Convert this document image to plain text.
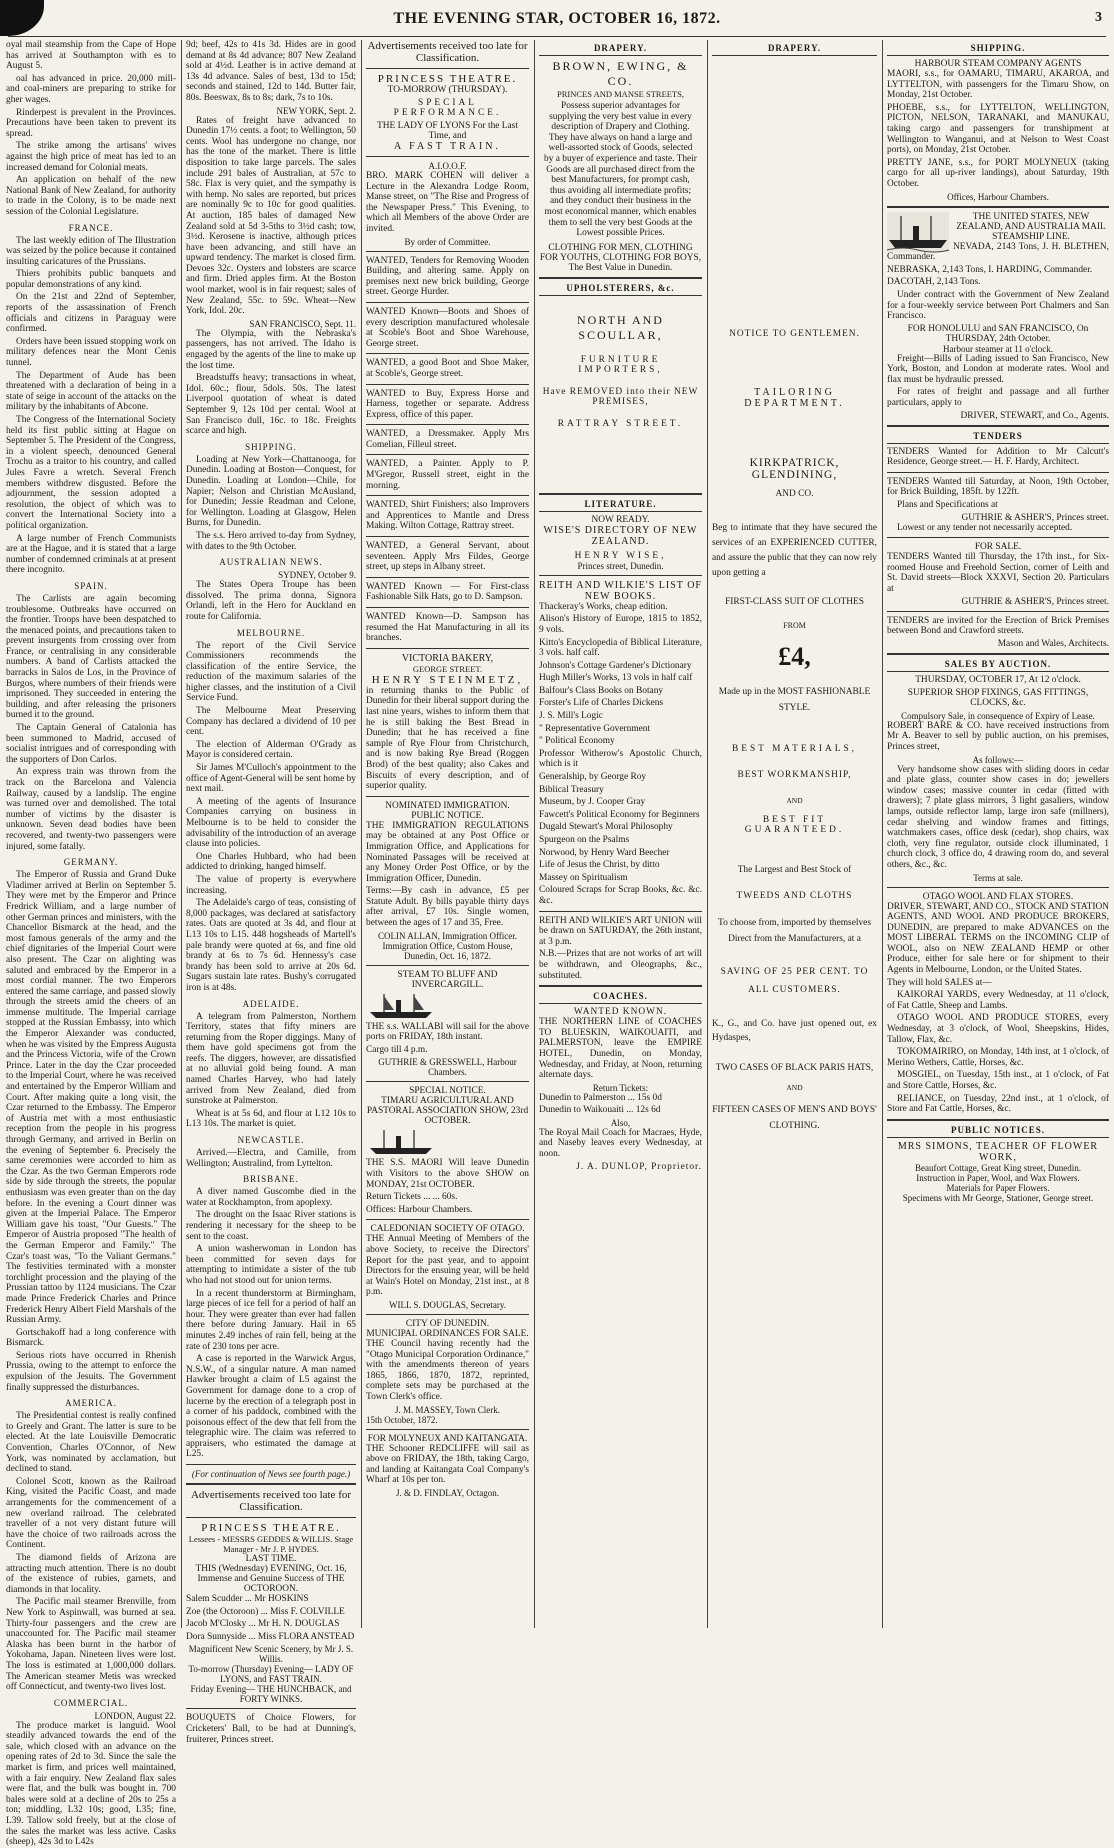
THE EVENING STAR, OCTOBER 16, 1872.	3

oyal mail steamship from the Cape of Hope has arrived at Southampton with es to August 5.

oal has advanced in price. 20,000 mill- and coal-miners are preparing to strike for gher wages.

Rinderpest is prevalent in the Provinces. Precautions have been taken to prevent its spread.

The strike among the artisans' wives against the high price of meat has led to an increased demand for Colonial meats.

An application on behalf of the new National Bank of New Zealand, for authority to trade in the Colony, is to be made next session of the Colonial Legislature.

FRANCE.

The last weekly edition of The Illustration was seized by the police because it contained insulting caricatures of the Prussians.

Thiers prohibits public banquets and popular demonstrations of any kind.

On the 21st and 22nd of September, reports of the assassination of French officials and citizens in Paraguay were confirmed.

Orders have been issued stopping work on military defences near the Mont Cenis tunnel.

The Department of Aude has been threatened with a declaration of being in a state of seige in account of the attacks on the military by the inhabitants of Abcone.

The Congress of the International Society held its first public sitting at Hague on September 5. The President of the Congress, in a violent speech, denounced General Trochu as a traitor to his country, and called Jules Favre a wretch. Several French members withdrew disgusted. Before the adjournment, the session adopted a resolution, the object of which was to convert the International Society into a political organization.

A large number of French Communists are at the Hague, and it is stated that a large number of condemned criminals at at present there incognito.

SPAIN.

The Carlists are again becoming troublesome. Outbreaks have occurred on the frontier. Troops have been despatched to the menaced points, and precautions taken to prevent insurgents from crossing over from France, or centralising in any considerable numbers. A band of Carlists attacked the barracks in Salos de Los, in the Province of Burgos, where numbers of their friends were imprisoned. They succeeded in entering the building, and after releasing the prisoners burned it to the ground.

The Captain General of Catalonia has been summoned to Madrid, accused of socialist intrigues and of corresponding with the supporters of Don Carlos.

An express train was thrown from the track on the Barcelona and Valencia Railway, caused by a landslip. The engine was turned over and demolished. The total number of victims by the disaster is unknown. Seven dead bodies have been recovered, and twenty-two passengers were injured, some fatally.

GERMANY.

The Emperor of Russia and Grand Duke Vladimer arrived at Berlin on September 5. They were met by the Emperor and Prince Fredrick William, and a large number of other German princes and ministers, with the Chancellor Bismarck at the head, and the most famous generals of the army and the chief dignitaries of the Imperial Court were also present. The Czar on alighting was saluted and embraced by the Emperor in a most cordial manner. The two Emperors entered the same carriage, and passed slowly through the streets amid the cheers of an immense multitude. The Imperial carriage stopped at the Russian Embassy, into which the Emperor Alexander was conducted, when he was visited by the Empress Augusta and the Princess Victoria, wife of the Crown Prince. Later in the day the Czar proceeded to the Imperial Court, where he was received and entertained by the Emperor William and Court. After making quite a long visit, the Czar returned to the Embassy. The Emperor of Austria met with a most enthusiastic reception from the people in his progress through Germany, and arrived in Berlin on the evening of September 6. Precisely the same ceremonies were accorded to him as the Czar. As the two German Emperors rode side by side through the streets, the popular enthusiasm was even greater than on the day before. In the evening a Court dinner was given at the Imperial Palace. The Emperor William gave his toast, "Our Guests." The Emperor of Austria proposed "The health of the German Emperor and Family." The Czar's toast was, "To the Valiant Germans." The festivities terminated with a monster torchlight procession and the playing of the Prussian tattoo by 1124 musicians. The Czar made Prince Frederick Charles and Prince Frederick Henry Albert Field Marshals of the Russian Army.

Gortschakoff had a long conference with Bismarck.

Serious riots have occurred in Rhenish Prussia, owing to the attempt to enforce the expulsion of the Jesuits. The Government finally suppressed the disturbances.

AMERICA.

The Presidential contest is really confined to Greely and Grant. The latter is sure to be elected. At the late Louisville Democratic Convention, Charles O'Connor, of New York, was nominated by acclamation, but declined to stand.

Colonel Scott, known as the Railroad King, visited the Pacific Coast, and made arrangements for the commencement of a new overland railroad. The celebrated traveller of a not very distant future will have the choice of two railroads across the Continent.

The diamond fields of Arizona are attracting much attention. There is no doubt of the existence of rubies, garnets, and diamonds in that locality.

The Pacific mail steamer Brenville, from New York to Aspinwall, was burned at sea. Thirty-four passengers and the crew are unaccounted for. The Pacific mail steamer Alaska has been burnt in the harbor of Yokohama, Japan. Nineteen lives were lost. The loss is estimated at 1,000,000 dollars. The American steamer Metis was wrecked off Connecticut, and twenty-two lives lost.

COMMERCIAL.
LONDON, August 22.

The produce market is languid. Wool steadily advanced towards the end of the sale, which closed with an advance on the opening rates of 2d to 3d. Since the sale the market is firm, and prices well maintained, with a fair enquiry. New Zealand flax sales were flat, and the bulk was bought in. 700 bales were sold at a decline of 20s to 25s a ton; middling, L32 10s; good, L35; fine, L39. Tallow sold freely, but at the close of the sales the market was less active. Casks (sheep), 42s 3d to L42s

9d; beef, 42s to 41s 3d. Hides are in good demand at 8s 4d advance; 807 New Zealand sold at 4½d. Leather is in active demand at 13s 4d advance. Sales of best, 13d to 15d; seconds and stained, 12d to 14d. Butter fair, 80s. Beeswax, 8s to 8s; dark, 7s to 10s.

NEW YORK, Sept. 2.

Rates of freight have advanced to Dunedin 17½ cents. a foot; to Wellington, 50 cents. Wool has undergone no change, nor has the tone of the market. There is little disposition to take large parcels. The sales include 291 bales of Australian, at 57c to 58c. Flax is very quiet, and the sympathy is with hemp. No sales are reported, but prices are nominally 9c to 10c for good qualities. At auction, 185 bales of damaged New Zealand sold at 5d 3-5ths to 3½d cash; tow, 3½d. Kerosene is inactive, although prices have been advancing, and still have an upward tendency. The market is closed firm. Devoes 32c. Oysters and lobsters are scarce and firm. Dried apples firm. At the Boston wool market, wool is in fair request; sales of New Zealand, 55c. to 59c. Wheat—New York, Idol. 20c.

SAN FRANCISCO, Sept. 11.

The Olympia, with the Nebraska's passengers, has not arrived. The Idaho is engaged by the agents of the line to make up the lost time.

Breadstuffs heavy; transactions in wheat, Idol. 60c.; flour, 5dols. 50s. The latest Liverpool quotation of wheat is dated September 9, 12s 10d per cental. Wool at San Francisco dull, 16c. to 18c. Freights scarce and high.

SHIPPING.

Loading at New York—Chattanooga, for Dunedin. Loading at Boston—Conquest, for Dunedin. Loading at London—Chile, for Napier; Nelson and Christian McAusland, for Dunedin; Jessie Readman and Celone, for Wellington. Loading at Glasgow, Helen Burns, for Dunedin.

The s.s. Hero arrived to-day from Sydney, with dates to the 9th October.

AUSTRALIAN NEWS.
SYDNEY, October 9.

The States Opera Troupe has been dissolved. The prima donna, Signora Orlandi, left in the Hero for Auckland en route for California.

MELBOURNE.

The report of the Civil Service Commissioners recommends the classification of the entire Service, the reduction of the maximum salaries of the higher classes, and the institution of a Civil Service Fund.

The Melbourne Meat Preserving Company has declared a dividend of 10 per cent.

The election of Alderman O'Grady as Mayor is considered certain.

Sir James M'Culloch's appointment to the office of Agent-General will be sent home by next mail.

A meeting of the agents of Insurance Companies carrying on business in Melbourne is to be held to consider the advisability of the introduction of an average clause into policies.

One Charles Hubbard, who had been addicted to drinking, hanged himself.

The value of property is everywhere increasing.

The Adelaide's cargo of teas, consisting of 8,000 packages, was declared at satisfactory rates. Oats are quoted at 3s 4d, and flour at L13 10s to L15. 448 hogsheads of Martell's pale brandy were quoted at 6s, and fine old brandy at 6s to 7s 6d. Hennessy's case brandy has been sold to arrive at 20s 6d. Sugars sustain late rates. Bushy's corrugated iron is at 48s.

ADELAIDE.

A telegram from Palmerston, Northern Territory, states that fifty miners are returning from the Roper diggings. Many of them have gold specimens got from the reefs. The diggers, however, are dissatisfied at no alluvial gold being found. A man named Charles Harvey, who had lately arrived from New Zealand, died from sunstroke at Palmerston.

Wheat is at 5s 6d, and flour at L12 10s to L13 10s. The market is quiet.

NEWCASTLE.

Arrived.—Electra, and Camille, from Wellington; Australind, from Lyttelton.

BRISBANE.

A diver named Guscombe died in the water at Rockhampton, from apoplexy.

The drought on the Isaac River stations is rendering it necessary for the sheep to be sent to the coast.

A union washerwoman in London has been committed for seven days for attempting to intimidate a sister of the tub who had not stood out for union terms.

In a recent thunderstorm at Birmingham, large pieces of ice fell for a period of half an hour. They were greater than ever had fallen there before during January. Hail in 65 minutes 2.49 inches of rain fell, being at the rate of 230 tons per acre.

A case is reported in the Warwick Argus, N.S.W., of a singular nature. A man named Hawker brought a claim of L5 against the Government for damage done to a crop of lucerne by the erection of a telegraph post in a corner of his paddock, combined with the poisonous effect of the dew that fell from the telegraphic wire. The claim was referred to appraisers, who estimated the damage at L25.

(For continuation of News see fourth page.)
Advertisements received too late for Classification.
PRINCESS THEATRE.
Lessees - MESSRS GEDDES & WILLIS. Stage Manager - Mr J. P. HYDES.
LAST TIME.
THIS (Wednesday) EVENING, Oct. 16, Immense and Genuine Success of THE OCTOROON.

Salem Scudder ... Mr HOSKINS

Zoe (the Octoroon) ... Miss F. COLVILLE

Jacob M'Closky ... Mr H. N. DOUGLAS

Dora Sunnyside ... Miss FLORA ANSTEAD

Magnificent New Scenic Scenery, by Mr J. S. Willis.
To-morrow (Thursday) Evening— LADY OF LYONS, and FAST TRAIN.
Friday Evening— THE HUNCHBACK, and FORTY WINKS.

BOUQUETS of Choice Flowers, for Cricketers' Ball, to be had at Dunning's, fruiterer, Princes street.

Advertisements received too late for Classification.
PRINCESS THEATRE.
TO-MORROW (THURSDAY).
SPECIAL PERFORMANCE.
THE LADY OF LYONS For the Last Time, and
A FAST TRAIN.
A.I.O.O.F.

BRO. MARK COHEN will deliver a Lecture in the Alexandra Lodge Room, Manse street, on "The Rise and Progress of the Newspaper Press." This Evening, to which all Members of the above Order are invited.

By order of Committee.

WANTED, Tenders for Removing Wooden Building, and altering same. Apply on premises next new brick building, George street. George Hurder.

WANTED Known—Boots and Shoes of every description manufactured wholesale at Scoble's Boot and Shoe Warehouse, George street.

WANTED, a good Boot and Shoe Maker, at Scoble's, George street.

WANTED to Buy, Express Horse and Harness, together or separate. Address Express, office of this paper.

WANTED, a Dressmaker. Apply Mrs Comelian, Filleul street.

WANTED, a Painter. Apply to P. M'Gregor, Russell street, eight in the morning.

WANTED, Shirt Finishers; also Improvers and Apprentices to Mantle and Dress Making. Wilton Cottage, Rattray street.

WANTED, a General Servant, about seventeen. Apply Mrs Fildes, George street, up steps in Albany street.

WANTED Known — For First-class Fashionable Silk Hats, go to D. Sampson.

WANTED Known—D. Sampson has resumed the Hat Manufacturing in all its branches.

VICTORIA BAKERY,
GEORGE STREET.
HENRY STEINMETZ,

in returning thanks to the Public of Dunedin for their liberal support during the last nine years, wishes to inform them that he is still baking the Best Bread in Dunedin; that he has received a fine sample of Rye Flour from Christchurch, and is now baking Rye Bread (Roggen Brod) of the best quality; also Cakes and Biscuits of every description, and of superior quality.

NOMINATED IMMIGRATION.
PUBLIC NOTICE.

THE IMMIGRATION REGULATIONS may be obtained at any Post Office or Immigration Office, and Applications for Nominated Passages will be received at any Money Order Post Office, or by the Immigration Officer, Dunedin.

Terms:—By cash in advance, £5 per Statute Adult. By bills payable thirty days after arrival, £7 10s. Single women, between the ages of 17 and 35, Free.

COLIN ALLAN, Immigration Officer.
Immigration Office, Custom House, Dunedin, Oct. 16, 1872.
STEAM TO BLUFF AND INVERCARGILL.

THE s.s. WALLABI will sail for the above ports on FRIDAY, 18th instant.

Cargo till 4 p.m.

GUTHRIE & GRESSWELL, Harbour Chambers.
SPECIAL NOTICE.
TIMARU AGRICULTURAL AND PASTORAL ASSOCIATION SHOW, 23rd OCTOBER.

THE S.S. MAORI Will leave Dunedin with Visitors to the above SHOW on MONDAY, 21st OCTOBER.

Return Tickets ... ... 60s.

Offices: Harbour Chambers.

CALEDONIAN SOCIETY OF OTAGO.

THE Annual Meeting of Members of the above Society, to receive the Directors' Report for the past year, and to appoint Directors for the ensuing year, will be held at Wain's Hotel on Monday, 21st inst., at 8 p.m.

WILL S. DOUGLAS, Secretary.
CITY OF DUNEDIN.
MUNICIPAL ORDINANCES FOR SALE.

THE Council having recently had the "Otago Municipal Corporation Ordinance," with the amendments thereon of years 1865, 1866, 1870, 1872, reprinted, complete sets may be purchased at the Town Clerk's office.

J. M. MASSEY, Town Clerk.
15th October, 1872.
FOR MOLYNEUX AND KAITANGATA.

THE Schooner REDCLIFFE will sail as above on FRIDAY, the 18th, taking Cargo, and landing at Kaitangata Coal Company's Wharf at 10s per ton.

J. & D. FINDLAY, Octagon.
DRAPERY.
BROWN, EWING, & CO.
PRINCES AND MANSE STREETS,
Possess superior advantages for supplying the very best value in every description of Drapery and Clothing. They have always on hand a large and well-assorted stock of Goods, selected by a buyer of experience and taste. Their Goods are all purchased direct from the best Manufacturers, for prompt cash, thus avoiding all intermediate profits; and they conduct their business in the most economical manner, which enables them to sell the very best Goods at the Lowest possible Prices.
CLOTHING FOR MEN, CLOTHING FOR YOUTHS, CLOTHING FOR BOYS,
The Best Value in Dunedin.
UPHOLSTERERS, &c.
NORTH AND SCOULLAR,
FURNITURE IMPORTERS,
Have REMOVED into their NEW PREMISES,
RATTRAY STREET.
LITERATURE.
NOW READY.
WISE'S DIRECTORY OF NEW ZEALAND.
HENRY WISE,
Princes street, Dunedin.
REITH AND WILKIE'S LIST OF NEW BOOKS.

Thackeray's Works, cheap edition.

Alison's History of Europe, 1815 to 1852, 9 vols.

Kitto's Encyclopedia of Biblical Literature, 3 vols. half calf.

Johnson's Cottage Gardener's Dictionary

Hugh Miller's Works, 13 vols in half calf

Balfour's Class Books on Botany

Forster's Life of Charles Dickens

J. S. Mill's Logic

" Representative Government

" Political Economy

Professor Witherow's Apostolic Church, which is it

Generalship, by George Roy

Biblical Treasury

Museum, by J. Cooper Gray

Fawcett's Political Economy for Beginners

Dugald Stewart's Moral Philosophy

Spurgeon on the Psalms

Norwood, by Henry Ward Beecher

Life of Jesus the Christ, by ditto

Massey on Spiritualism

Coloured Scraps for Scrap Books, &c. &c. &c.

REITH AND WILKIE'S ART UNION will be drawn on SATURDAY, the 26th instant, at 3 p.m.

N.B.—Prizes that are not works of art will be withdrawn, and Oleographs, &c., substituted.

COACHES.
WANTED KNOWN.

THE NORTHERN LINE of COACHES TO BLUESKIN, WAIKOUAITI, and PALMERSTON, leave the EMPIRE HOTEL, Dunedin, on Monday, Wednesday, and Friday, at Noon, returning alternate days.

Return Tickets:

Dunedin to Palmerston ... 15s 0d

Dunedin to Waikouaiti ... 12s 6d

Also,

The Royal Mail Coach for Macraes, Hyde, and Naseby leaves every Wednesday, at noon.

J. A. DUNLOP, Proprietor.
DRAPERY.
NOTICE TO GENTLEMEN.
TAILORING DEPARTMENT.
KIRKPATRICK, GLENDINING,
AND CO.

Beg to intimate that they have secured the services of an EXPERIENCED CUTTER, and assure the public that they can now rely upon getting a

FIRST-CLASS SUIT OF CLOTHES
FROM
£4,
Made up in the MOST FASHIONABLE STYLE.
BEST MATERIALS,
BEST WORKMANSHIP,
AND
BEST FIT GUARANTEED.
The Largest and Best Stock of
TWEEDS AND CLOTHS
To choose from, imported by themselves Direct from the Manufacturers, at a
SAVING OF 25 PER CENT. TO ALL CUSTOMERS.

K., G., and Co. have just opened out, ex Hydaspes,

TWO CASES OF BLACK PARIS HATS,
AND
FIFTEEN CASES OF MEN'S AND BOYS' CLOTHING.
SHIPPING.
HARBOUR STEAM COMPANY AGENTS

MAORI, s.s., for OAMARU, TIMARU, AKAROA, and LYTTELTON, with passengers for the Timaru Show, on Monday, 21st October.

PHOEBE, s.s., for LYTTELTON, WELLINGTON, PICTON, NELSON, TARANAKI, and MANUKAU, taking cargo and passengers for transhipment at Wellington to Wanganui, and at Nelson to West Coast ports), on Monday, 21st October.

PRETTY JANE, s.s., for PORT MOLYNEUX (taking cargo for all up-river landings), about Saturday, 19th October.

Offices, Harbour Chambers.
THE UNITED STATES, NEW ZEALAND, AND AUSTRALIA MAIL STEAMSHIP LINE.

NEVADA, 2143 Tons, J. H. BLETHEN, Commander.

NEBRASKA, 2,143 Tons, I. HARDING, Commander.

DACOTAH, 2,143 Tons.

Under contract with the Government of New Zealand for a four-weekly service between Port Chalmers and San Francisco.

FOR HONOLULU and SAN FRANCISCO, On THURSDAY, 24th October.
Harbour steamer at 11 o'clock.

Freight—Bills of Lading issued to San Francisco, New York, Boston, and London at moderate rates. Wool and flax must be hydraulic pressed.

For rates of freight and passage and all further particulars, apply to

DRIVER, STEWART, and Co., Agents.
TENDERS

TENDERS Wanted for Addition to Mr Calcutt's Residence, George street.— H. F. Hardy, Architect.

TENDERS Wanted till Saturday, at Noon, 19th October, for Brick Building, 185ft. by 122ft.

Plans and Specifications at

GUTHRIE & ASHER'S, Princes street.

Lowest or any tender not necessarily accepted.

FOR SALE.

TENDERS Wanted till Thursday, the 17th inst., for Six-roomed House and Freehold Section, corner of Leith and St. David streets—Block XXXVI, Section 20. Particulars at

GUTHRIE & ASHER'S, Princes street.

TENDERS are invited for the Erection of Brick Premises between Bond and Crawford streets.

Mason and Wales, Architects.
SALES BY AUCTION.
THURSDAY, OCTOBER 17, At 12 o'clock.
SUPERIOR SHOP FIXINGS, GAS FITTINGS, CLOCKS, &c.
Compulsory Sale, in consequence of Expiry of Lease.

ROBERT BARE & CO. have received instructions from Mr A. Beaver to sell by public auction, on his premises, Princes street,

As follows:—

Very handsome show cases with sliding doors in cedar and plate glass, counter show cases in do; jewellers window cases; massive counter in cedar (fitted with drawers); 7 plate glass mirrors, 3 light gasaliers, window lamps, outside reflector lamp, large iron safe (millners), cedar shelving and window frames and fittings, watchmakers cases, office desk (cedar), shop chairs, wax cloth, very fine regulator, outside clock illuminated, 1 church clock, 3 office do, 4 drawing room do, and several others, &c., &c.

Terms at sale.
OTAGO WOOL AND FLAX STORES.

DRIVER, STEWART, AND CO., STOCK AND STATION AGENTS, AND WOOL AND PRODUCE BROKERS, DUNEDIN, are prepared to make ADVANCES on the MOST LIBERAL TERMS on the INCOMING CLIP of WOOL, also on NEW ZEALAND HEMP or other Produce, either for sale here or for shipment to their Agents in Melbourne, London, or the United States.

They will hold SALES at—

KAIKORAI YARDS, every Wednesday, at 11 o'clock, of Fat Cattle, Sheep and Lambs.

OTAGO WOOL AND PRODUCE STORES, every Wednesday, at 3 o'clock, of Wool, Sheepskins, Hides, Tallow, Flax, &c.

TOKOMAIRIRO, on Monday, 14th inst, at 1 o'clock, of Merino Wethers, Cattle, Horses, &c.

MOSGIEL, on Tuesday, 15th inst., at 1 o'clock, of Fat and Store Cattle, Horses, &c.

RELIANCE, on Tuesday, 22nd inst., at 1 o'clock, of Store and Fat Cattle, Horses, &c.

PUBLIC NOTICES.
MRS SIMONS, TEACHER OF FLOWER WORK,
Beaufort Cottage, Great King street, Dunedin.
Instruction in Paper, Wool, and Wax Flowers.
Materials for Paper Flowers.
Specimens with Mr George, Stationer, George street.
